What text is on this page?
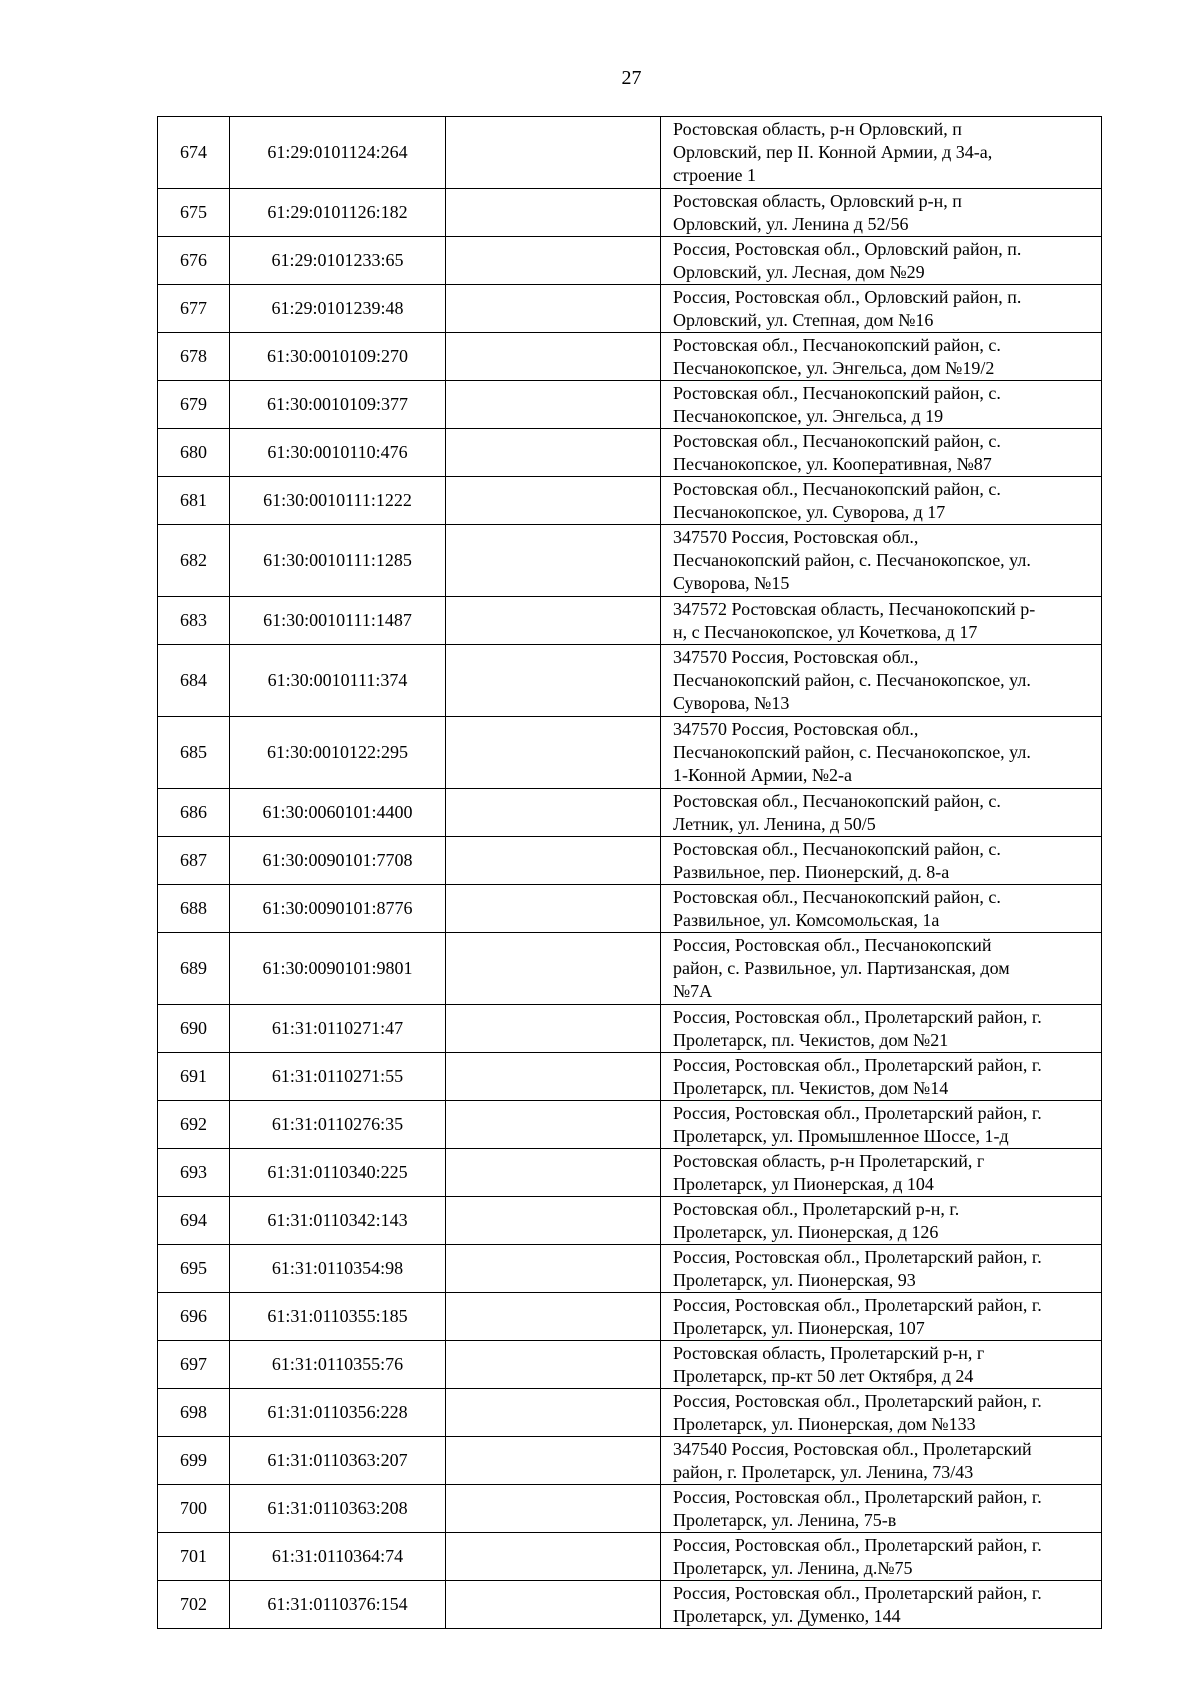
27
674	61:29:0101124:264		Ростовская область, р-н Орловский, п
Орловский, пер II. Конной Армии, д 34-а,
строение 1
675	61:29:0101126:182		Ростовская область, Орловский р-н, п
Орловский, ул. Ленина д 52/56
676	61:29:0101233:65		Россия, Ростовская обл., Орловский район, п.
Орловский, ул. Лесная, дом №29
677	61:29:0101239:48		Россия, Ростовская обл., Орловский район, п.
Орловский, ул. Степная, дом №16
678	61:30:0010109:270		Ростовская обл., Песчанокопский район, с.
Песчанокопское, ул. Энгельса, дом №19/2
679	61:30:0010109:377		Ростовская обл., Песчанокопский район, с.
Песчанокопское, ул. Энгельса, д 19
680	61:30:0010110:476		Ростовская обл., Песчанокопский район, с.
Песчанокопское, ул. Кооперативная, №87
681	61:30:0010111:1222		Ростовская обл., Песчанокопский район, с.
Песчанокопское, ул. Суворова, д 17
682	61:30:0010111:1285		347570 Россия, Ростовская обл.,
Песчанокопский район, с. Песчанокопское, ул.
Суворова, №15
683	61:30:0010111:1487		347572 Ростовская область, Песчанокопский р-
н, с Песчанокопское, ул Кочеткова, д 17
684	61:30:0010111:374		347570 Россия, Ростовская обл.,
Песчанокопский район, с. Песчанокопское, ул.
Суворова, №13
685	61:30:0010122:295		347570 Россия, Ростовская обл.,
Песчанокопский район, с. Песчанокопское, ул.
1-Конной Армии, №2-а
686	61:30:0060101:4400		Ростовская обл., Песчанокопский район, с.
Летник, ул. Ленина, д 50/5
687	61:30:0090101:7708		Ростовская обл., Песчанокопский район, с.
Развильное, пер. Пионерский, д. 8-а
688	61:30:0090101:8776		Ростовская обл., Песчанокопский район, с.
Развильное, ул. Комсомольская, 1а
689	61:30:0090101:9801		Россия, Ростовская обл., Песчанокопский
район, с. Развильное, ул. Партизанская, дом
№7А
690	61:31:0110271:47		Россия, Ростовская обл., Пролетарский район, г.
Пролетарск, пл. Чекистов, дом №21
691	61:31:0110271:55		Россия, Ростовская обл., Пролетарский район, г.
Пролетарск, пл. Чекистов, дом №14
692	61:31:0110276:35		Россия, Ростовская обл., Пролетарский район, г.
Пролетарск, ул. Промышленное Шоссе, 1-д
693	61:31:0110340:225		Ростовская область, р-н Пролетарский, г
Пролетарск, ул Пионерская, д 104
694	61:31:0110342:143		Ростовская обл., Пролетарский р-н, г.
Пролетарск, ул. Пионерская, д 126
695	61:31:0110354:98		Россия, Ростовская обл., Пролетарский район, г.
Пролетарск, ул. Пионерская, 93
696	61:31:0110355:185		Россия, Ростовская обл., Пролетарский район, г.
Пролетарск, ул. Пионерская, 107
697	61:31:0110355:76		Ростовская область, Пролетарский р-н, г
Пролетарск, пр-кт 50 лет Октября, д 24
698	61:31:0110356:228		Россия, Ростовская обл., Пролетарский район, г.
Пролетарск, ул. Пионерская, дом №133
699	61:31:0110363:207		347540 Россия, Ростовская обл., Пролетарский
район, г. Пролетарск, ул. Ленина, 73/43
700	61:31:0110363:208		Россия, Ростовская обл., Пролетарский район, г.
Пролетарск, ул. Ленина, 75-в
701	61:31:0110364:74		Россия, Ростовская обл., Пролетарский район, г.
Пролетарск, ул. Ленина, д.№75
702	61:31:0110376:154		Россия, Ростовская обл., Пролетарский район, г.
Пролетарск, ул. Думенко, 144
